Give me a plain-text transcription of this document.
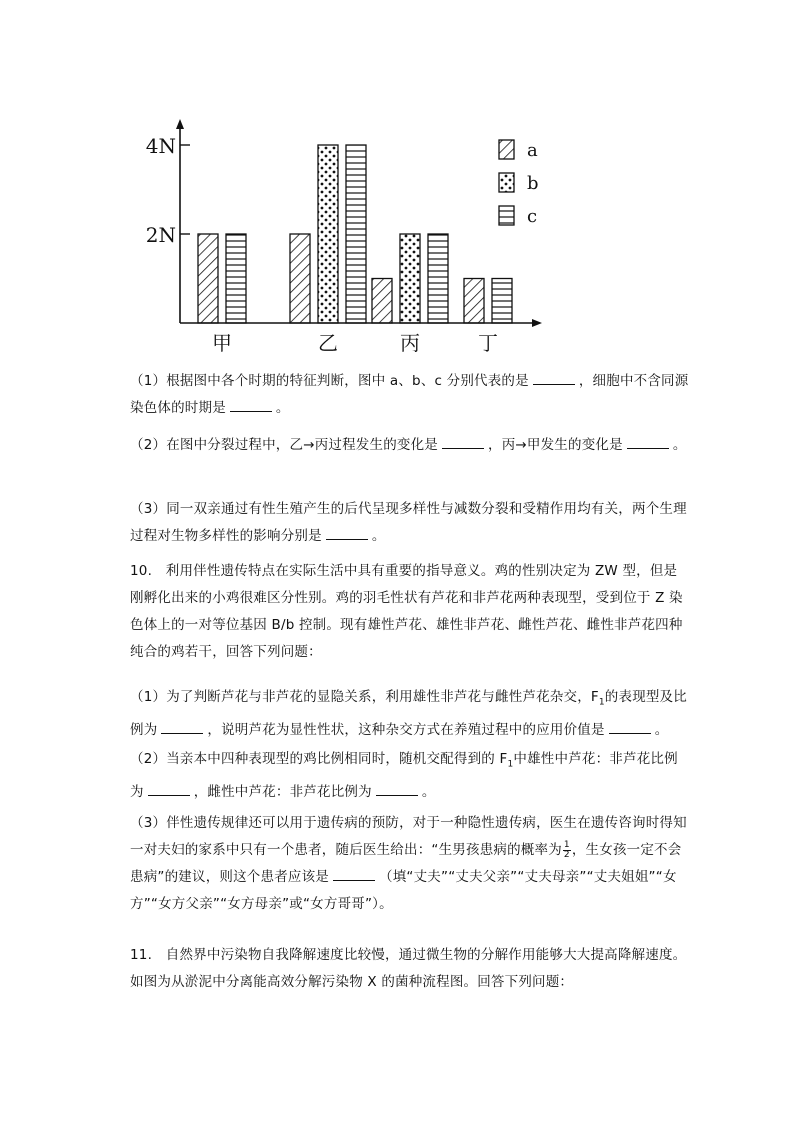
4N
2N
甲	乙	丙	丁
a
b
c
（1）根据图中各个时期的特征判断，图中 a、b、c 分别代表的是	，细胞中不含同源染色体的时期是	。
（2）在图中分裂过程中，乙→丙过程发生的变化是	，丙→甲发生的变化是	。
（3）同一双亲通过有性生殖产生的后代呈现多样性与减数分裂和受精作用均有关，两个生理过程对生物多样性的影响分别是	。
10.　利用伴性遗传特点在实际生活中具有重要的指导意义。鸡的性别决定为 ZW 型，但是刚孵化出来的小鸡很难区分性别。鸡的羽毛性状有芦花和非芦花两种表现型，受到位于 Z 染色体上的一对等位基因 B/b 控制。现有雄性芦花、雄性非芦花、雌性芦花、雌性非芦花四种纯合的鸡若干，回答下列问题：
（1）为了判断芦花与非芦花的显隐关系，利用雄性非芦花与雌性芦花杂交，$F_1$的表现型及比例为	，说明芦花为显性性状，这种杂交方式在养殖过程中的应用价值是	。
（2）当亲本中四种表现型的鸡比例相同时，随机交配得到的 $F_1$中雄性中芦花：非芦花比例为	，雌性中芦花：非芦花比例为	。
（3）伴性遗传规律还可以用于遗传病的预防，对于一种隐性遗传病，医生在遗传咨询时得知一对夫妇的家系中只有一个患者，随后医生给出：“生男孩患病的概率为 $\frac{1}{2}$ ，生女孩一定不会患病”的建议，则这个患者应该是	（填“丈夫”“丈夫父亲”“丈夫母亲”“丈夫姐姐”“女方”“女方父亲”“女方母亲”或“女方哥哥”）。
11.　自然界中污染物自我降解速度比较慢，通过微生物的分解作用能够大大提高降解速度。如图为从淤泥中分离能高效分解污染物 X 的菌种流程图。回答下列问题：
